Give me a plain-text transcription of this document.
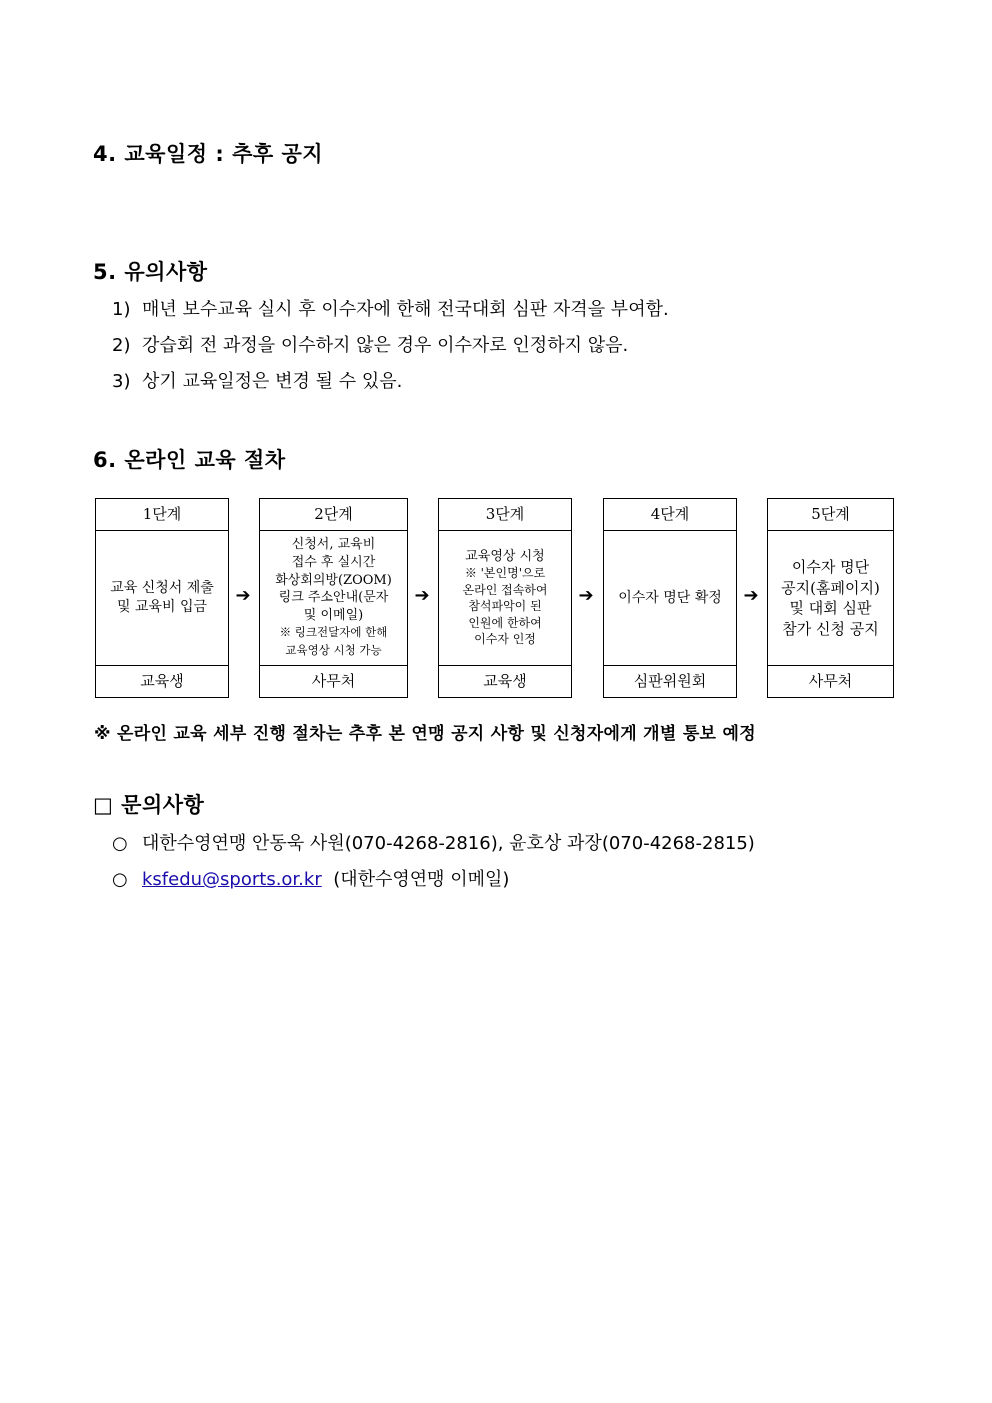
4. 교육일정 : 추후 공지
5. 유의사항
1) 매년 보수교육 실시 후 이수자에 한해 전국대회 심판 자격을 부여함.
2) 강습회 전 과정을 이수하지 않은 경우 이수자로 인정하지 않음.
3) 상기 교육일정은 변경 될 수 있음.
6. 온라인 교육 절차
1단계
교육 신청서 제출
및 교육비 입금
교육생
➔
2단계
신청서, 교육비
접수 후 실시간
화상회의방(ZOOM)
링크 주소안내(문자
및 이메일)
※ 링크전달자에 한해
교육영상 시청 가능
사무처
➔
3단계
교육영상 시청
※ '본인명'으로
온라인 접속하여
참석파악이 된
인원에 한하여
이수자 인정
교육생
➔
4단계
이수자 명단 확정
심판위원회
➔
5단계
이수자 명단
공지(홈페이지)
및 대회 심판
참가 신청 공지
사무처
※ 온라인 교육 세부 진행 절차는 추후 본 연맹 공지 사항 및 신청자에게 개별 통보 예정
□ 문의사항
○ 대한수영연맹 안동욱 사원(070-4268-2816), 윤호상 과장(070-4268-2815)
○ ksfedu@sports.or.kr (대한수영연맹 이메일)
